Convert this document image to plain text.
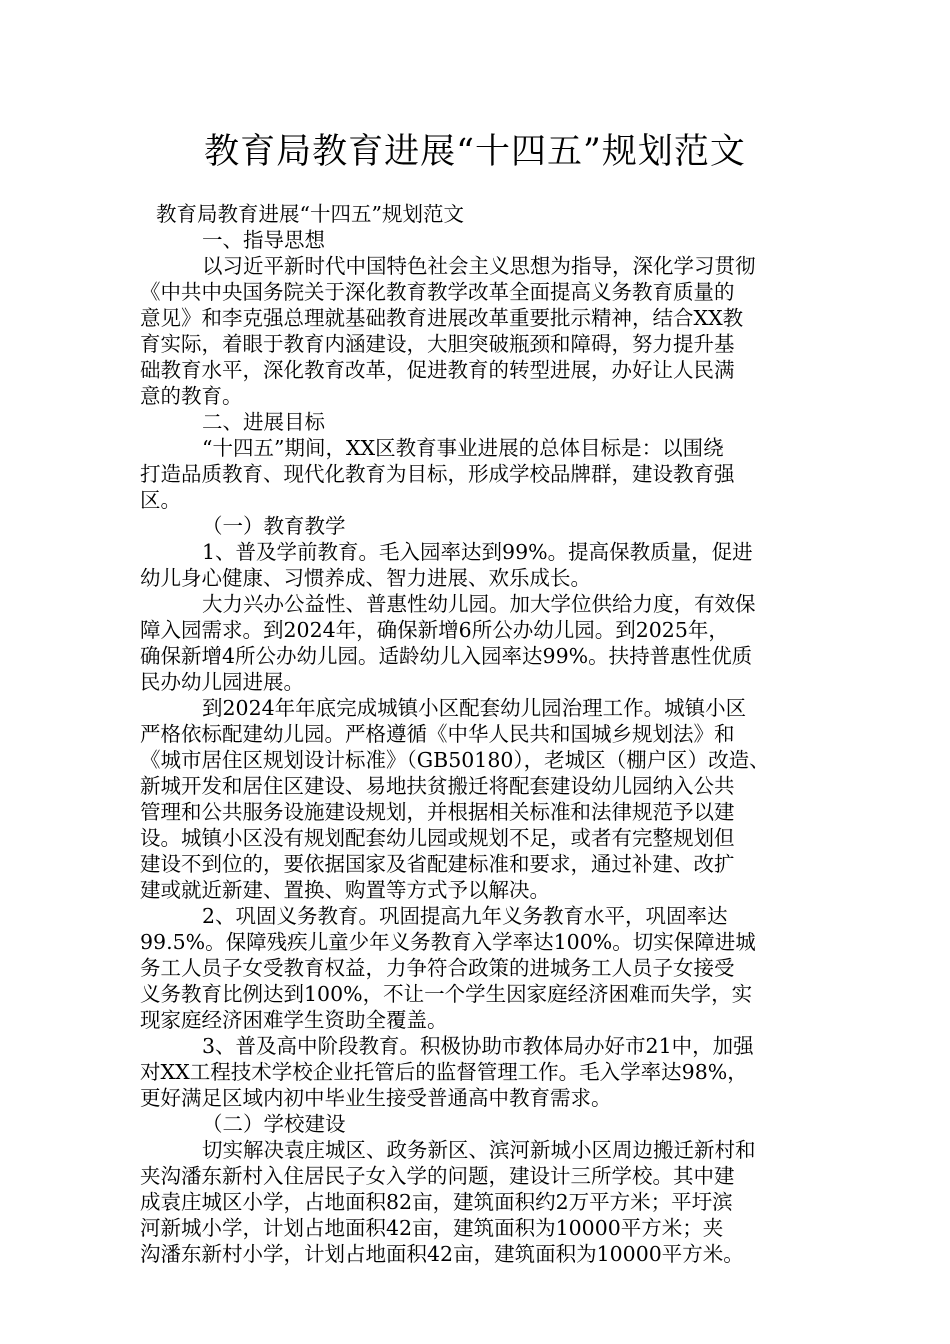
教育局教育进展“十四五”规划范文

教育局教育进展“十四五”规划范文

一、指导思想

以习近平新时代中国特色社会主义思想为指导，深化学习贯彻
《中共中央国务院关于深化教育教学改革全面提高义务教育质量的
意见》和李克强总理就基础教育进展改革重要批示精神，结合XX教
育实际，着眼于教育内涵建设，大胆突破瓶颈和障碍，努力提升基
础教育水平，深化教育改革，促进教育的转型进展，办好让人民满
意的教育。

二、进展目标

“十四五”期间，XX区教育事业进展的总体目标是：以围绕
打造品质教育、现代化教育为目标，形成学校品牌群，建设教育强
区。

（一）教育教学

1、普及学前教育。毛入园率达到99%。提高保教质量，促进
幼儿身心健康、习惯养成、智力进展、欢乐成长。

大力兴办公益性、普惠性幼儿园。加大学位供给力度，有效保
障入园需求。到2024年，确保新增6所公办幼儿园。到2025年，
确保新增4所公办幼儿园。适龄幼儿入园率达99%。扶持普惠性优质
民办幼儿园进展。

到2024年年底完成城镇小区配套幼儿园治理工作。城镇小区
严格依标配建幼儿园。严格遵循《中华人民共和国城乡规划法》和
《城市居住区规划设计标准》（GB50180），老城区（棚户区）改造、
新城开发和居住区建设、易地扶贫搬迁将配套建设幼儿园纳入公共
管理和公共服务设施建设规划，并根据相关标准和法律规范予以建
设。城镇小区没有规划配套幼儿园或规划不足，或者有完整规划但
建设不到位的，要依据国家及省配建标准和要求，通过补建、改扩
建或就近新建、置换、购置等方式予以解决。

2、巩固义务教育。巩固提高九年义务教育水平，巩固率达
99.5%。保障残疾儿童少年义务教育入学率达100%。切实保障进城
务工人员子女受教育权益，力争符合政策的进城务工人员子女接受
义务教育比例达到100%，不让一个学生因家庭经济困难而失学，实
现家庭经济困难学生资助全覆盖。

3、普及高中阶段教育。积极协助市教体局办好市21中，加强
对XX工程技术学校企业托管后的监督管理工作。毛入学率达98%，
更好满足区域内初中毕业生接受普通高中教育需求。

（二）学校建设

切实解决袁庄城区、政务新区、滨河新城小区周边搬迁新村和
夹沟潘东新村入住居民子女入学的问题，建设计三所学校。其中建
成袁庄城区小学，占地面积82亩，建筑面积约2万平方米；平圩滨
河新城小学，计划占地面积42亩，建筑面积为10000平方米；夹
沟潘东新村小学，计划占地面积42亩，建筑面积为10000平方米。
